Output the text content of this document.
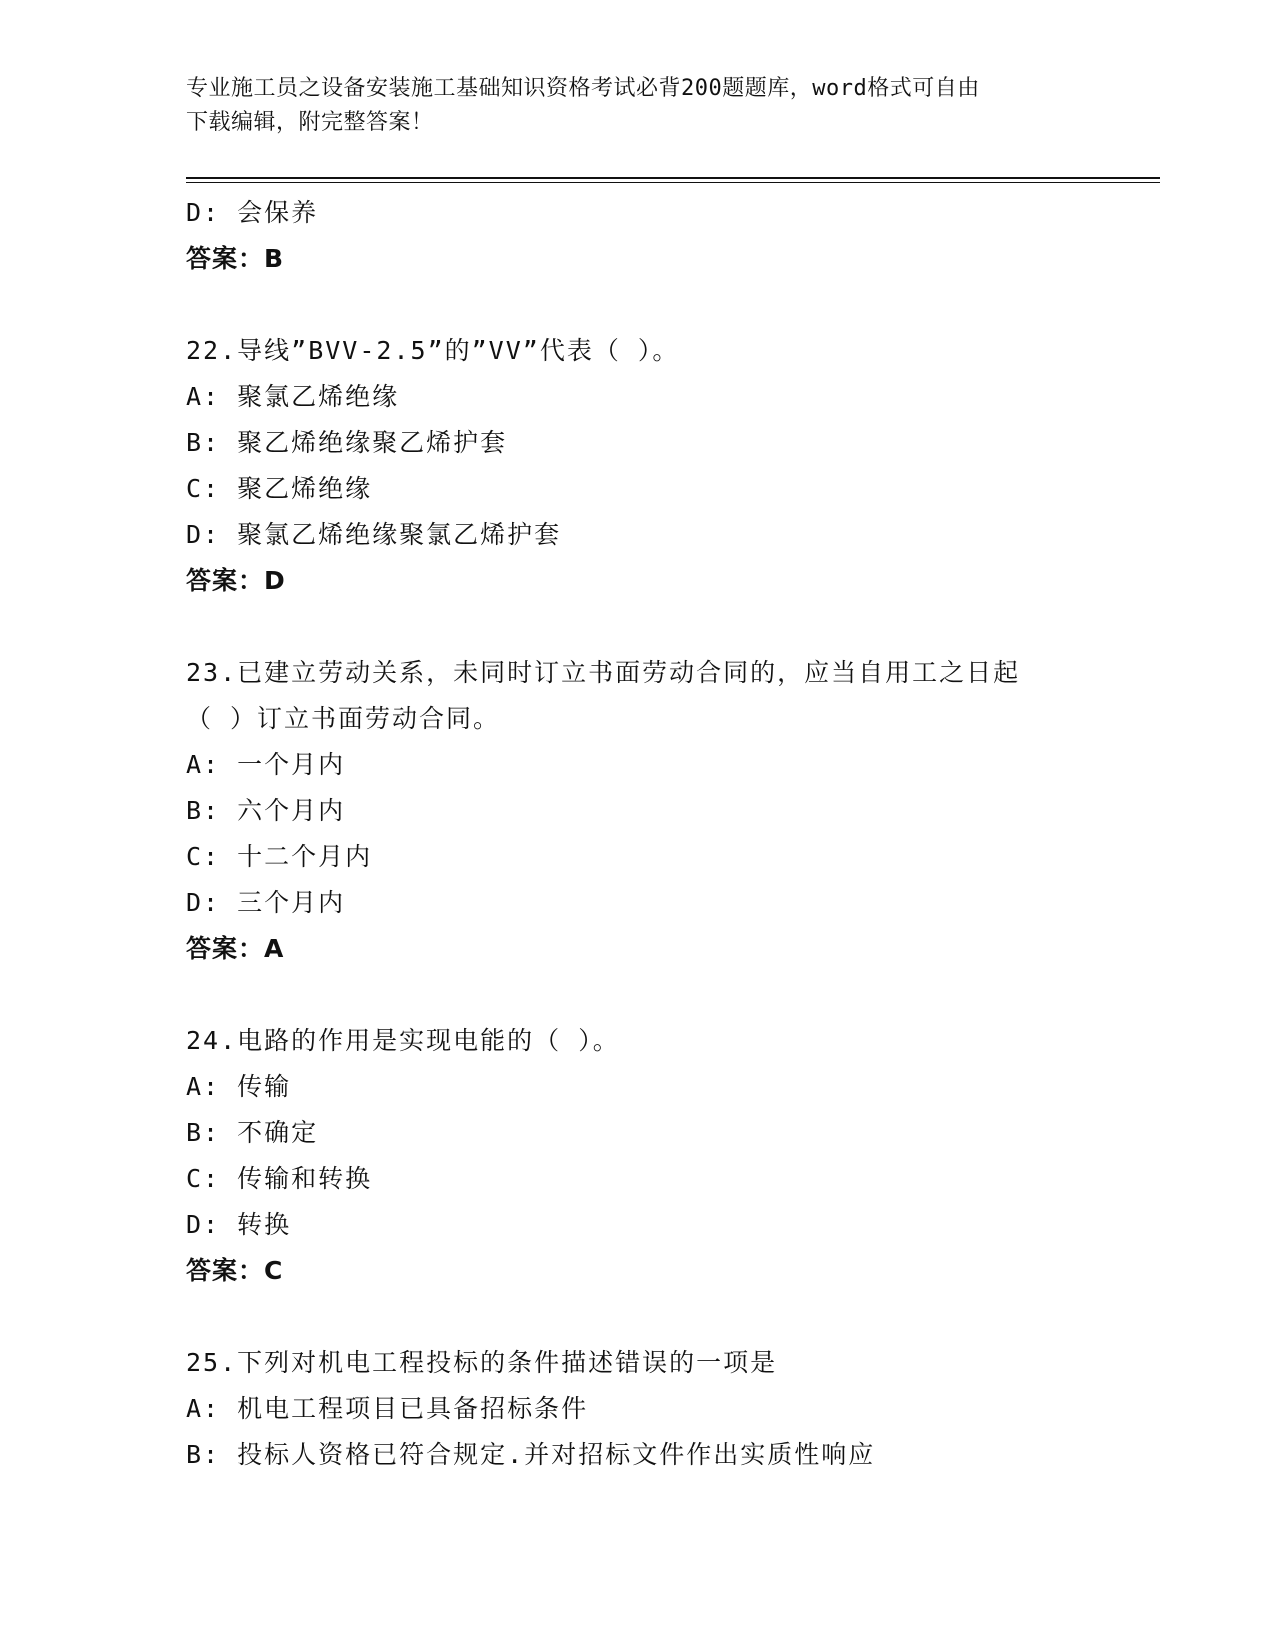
专业施工员之设备安装施工基础知识资格考试必背200题题库，word格式可自由
下载编辑，附完整答案！
D: 会保养
答案：B
22.导线”BVV-2.5”的”VV”代表（ ）。
A: 聚氯乙烯绝缘
B: 聚乙烯绝缘聚乙烯护套
C: 聚乙烯绝缘
D: 聚氯乙烯绝缘聚氯乙烯护套
答案：D
23.已建立劳动关系，未同时订立书面劳动合同的，应当自用工之日起
（ ）订立书面劳动合同。
A: 一个月内
B: 六个月内
C: 十二个月内
D: 三个月内
答案：A
24.电路的作用是实现电能的（ ）。
A: 传输
B: 不确定
C: 传输和转换
D: 转换
答案：C
25.下列对机电工程投标的条件描述错误的一项是
A: 机电工程项目已具备招标条件
B: 投标人资格已符合规定.并对招标文件作出实质性响应
